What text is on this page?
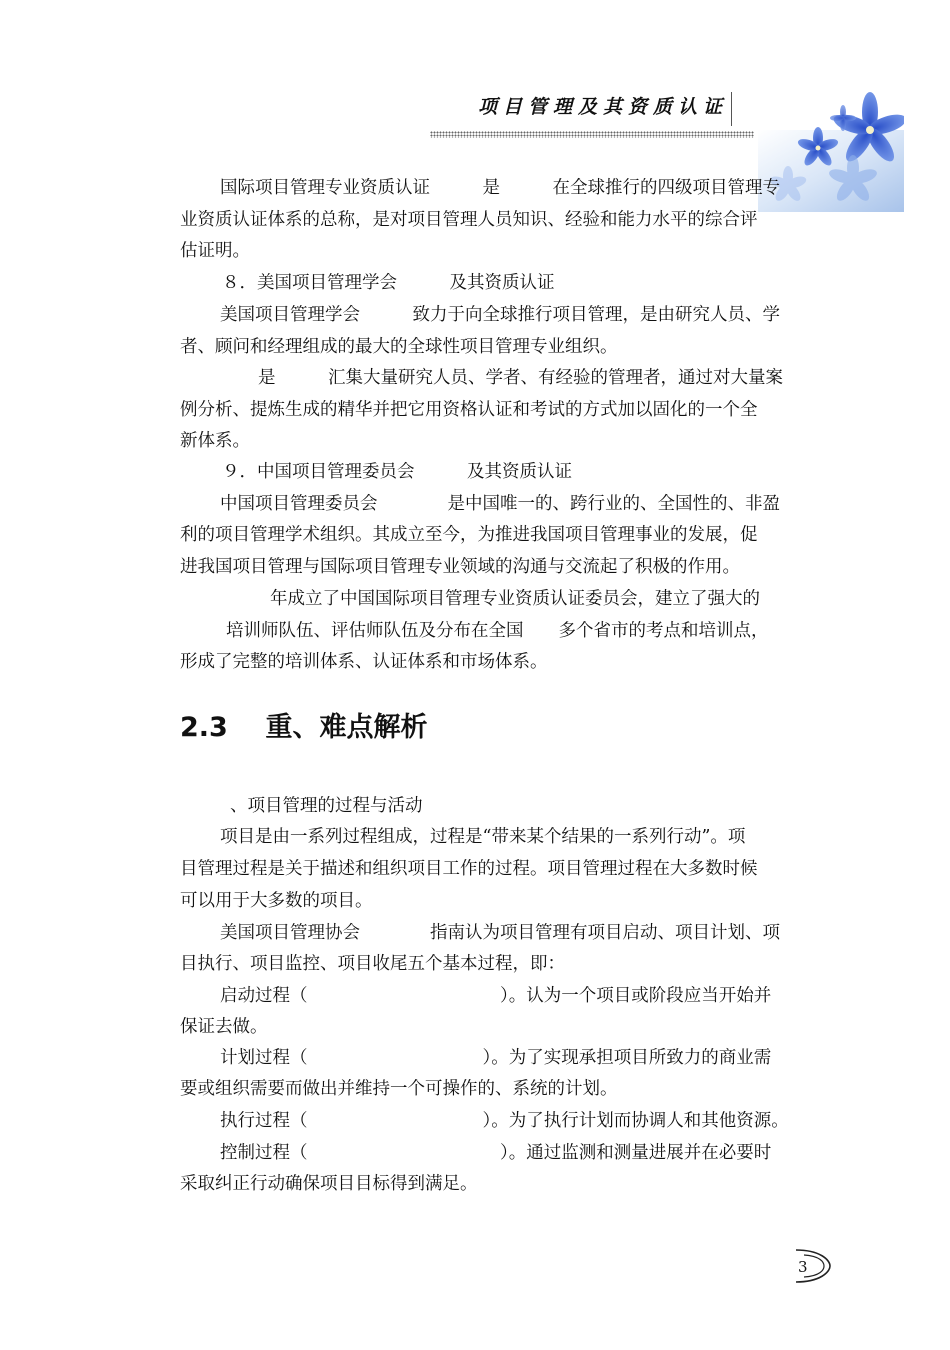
项目管理及其资质认证
国际项目管理专业资质认证　　　是　　　在全球推行的四级项目管理专
业资质认证体系的总称，是对项目管理人员知识、经验和能力水平的综合评
估证明。
８．美国项目管理学会　　　及其资质认证
美国项目管理学会　　　致力于向全球推行项目管理，是由研究人员、学
者、顾问和经理组成的最大的全球性项目管理专业组织。
是　　　汇集大量研究人员、学者、有经验的管理者，通过对大量案
例分析、提炼生成的精华并把它用资格认证和考试的方式加以固化的一个全
新体系。
９．中国项目管理委员会　　　及其资质认证
中国项目管理委员会　　　　是中国唯一的、跨行业的、全国性的、非盈
利的项目管理学术组织。其成立至今，为推进我国项目管理事业的发展，促
进我国项目管理与国际项目管理专业领域的沟通与交流起了积极的作用。
年成立了中国国际项目管理专业资质认证委员会，建立了强大的
培训师队伍、评估师队伍及分布在全国　　多个省市的考点和培训点，
形成了完整的培训体系、认证体系和市场体系。
2.3 重、难点解析
、项目管理的过程与活动
项目是由一系列过程组成，过程是“带来某个结果的一系列行动”。项
目管理过程是关于描述和组织项目工作的过程。项目管理过程在大多数时候
可以用于大多数的项目。
美国项目管理协会　　　　指南认为项目管理有项目启动、项目计划、项
目执行、项目监控、项目收尾五个基本过程，即：
启动过程（　　　　　　　　　　　）。认为一个项目或阶段应当开始并
保证去做。
计划过程（　　　　　　　　　　）。为了实现承担项目所致力的商业需
要或组织需要而做出并维持一个可操作的、系统的计划。
执行过程（　　　　　　　　　　）。为了执行计划而协调人和其他资源。
控制过程（　　　　　　　　　　　）。通过监测和测量进展并在必要时
采取纠正行动确保项目目标得到满足。
3
